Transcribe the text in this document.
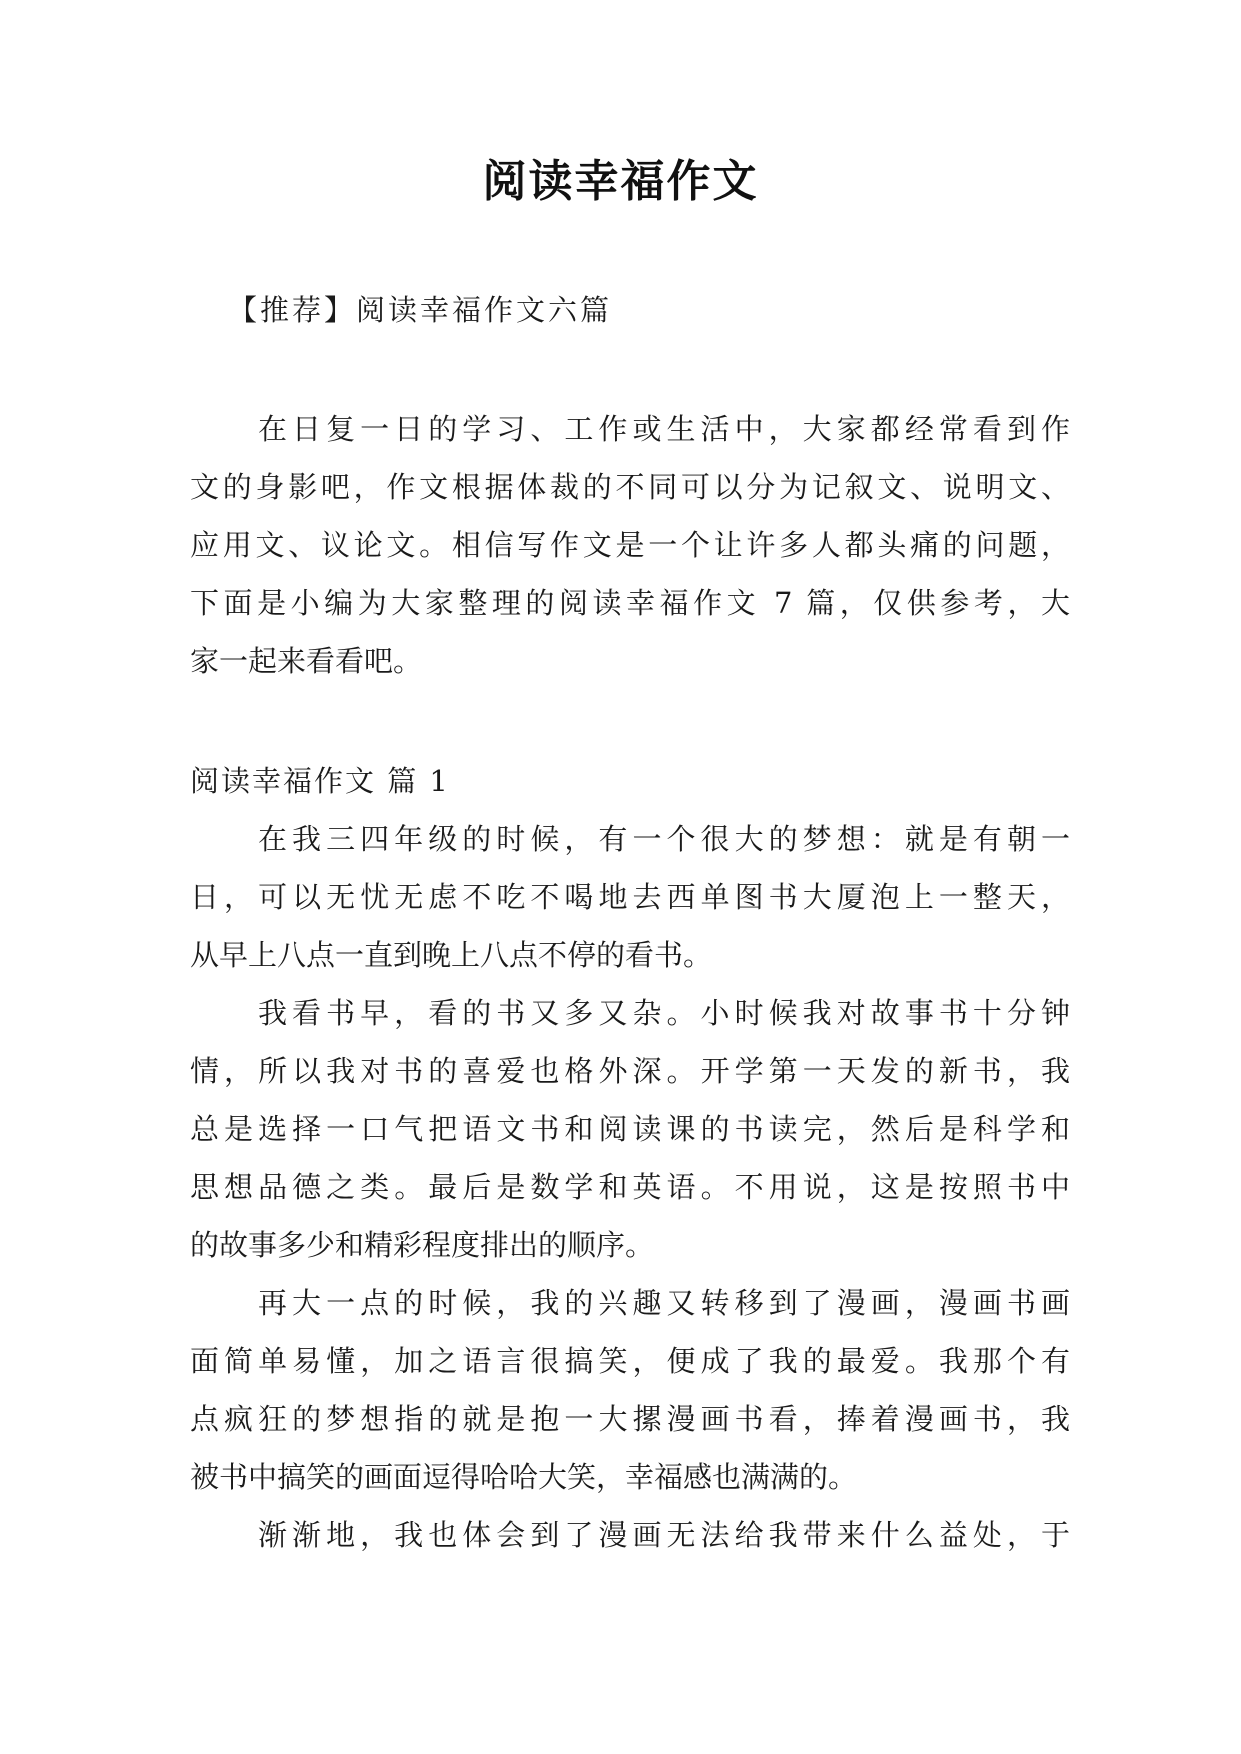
阅读幸福作文
【推荐】阅读幸福作文六篇
在日复一日的学习、工作或生活中，大家都经常看到作
文的身影吧，作文根据体裁的不同可以分为记叙文、说明文、
应用文、议论文。相信写作文是一个让许多人都头痛的问题，
下面是小编为大家整理的阅读幸福作文 7 篇，仅供参考，大
家一起来看看吧。
阅读幸福作文 篇 1
在我三四年级的时候，有一个很大的梦想：就是有朝一
日，可以无忧无虑不吃不喝地去西单图书大厦泡上一整天，
从早上八点一直到晚上八点不停的看书。
我看书早，看的书又多又杂。小时候我对故事书十分钟
情，所以我对书的喜爱也格外深。开学第一天发的新书，我
总是选择一口气把语文书和阅读课的书读完，然后是科学和
思想品德之类。最后是数学和英语。不用说，这是按照书中
的故事多少和精彩程度排出的顺序。
再大一点的时候，我的兴趣又转移到了漫画，漫画书画
面简单易懂，加之语言很搞笑，便成了我的最爱。我那个有
点疯狂的梦想指的就是抱一大摞漫画书看，捧着漫画书，我
被书中搞笑的画面逗得哈哈大笑，幸福感也满满的。
渐渐地，我也体会到了漫画无法给我带来什么益处，于
